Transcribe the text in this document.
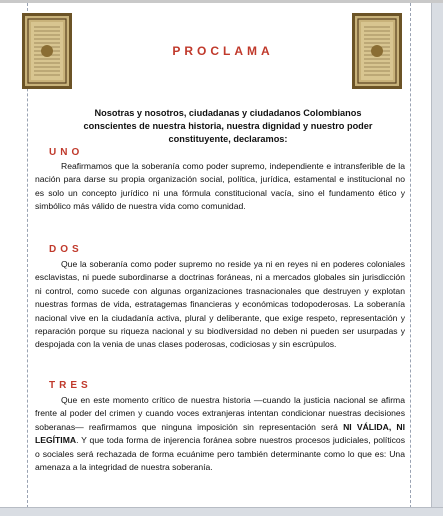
PROCLAMA
Nosotras y nosotros, ciudadanas y ciudadanos Colombianos conscientes de nuestra historia, nuestra dignidad y nuestro poder constituyente, declaramos:
UNO

Reafirmamos que la soberanía como poder supremo, independiente e intransferible de la nación para darse su propia organización social, política, jurídica, estamental e institucional no es solo un concepto jurídico ni una fórmula constitucional vacía, sino el fundamento ético y simbólico más válido de nuestra vida como comunidad.

DOS

Que la soberanía como poder supremo no reside ya ni en reyes ni en poderes coloniales esclavistas, ni puede subordinarse a doctrinas foráneas, ni a mercados globales sin jurisdicción ni control, como sucede con algunas organizaciones trasnacionales que destruyen y explotan nuestras formas de vida, estratagemas financieras y económicas todopoderosas. La soberanía nacional vive en la ciudadanía activa, plural y deliberante, que exige respeto, representación y reparación porque su riqueza nacional y su biodiversidad no deben ni pueden ser usurpadas y despojada con la venia de unas clases poderosas, codiciosas y sin escrúpulos.

TRES

Que en este momento crítico de nuestra historia —cuando la justicia nacional se afirma frente al poder del crimen y cuando voces extranjeras intentan condicionar nuestras decisiones soberanas— reafirmamos que ninguna imposición sin representación será NI VÁLIDA, NI LEGÍTIMA. Y que toda forma de injerencia foránea sobre nuestros procesos judiciales, políticos o sociales será rechazada de forma ecuánime pero también determinante como lo que es: Una amenaza a la integridad de nuestra soberanía.
